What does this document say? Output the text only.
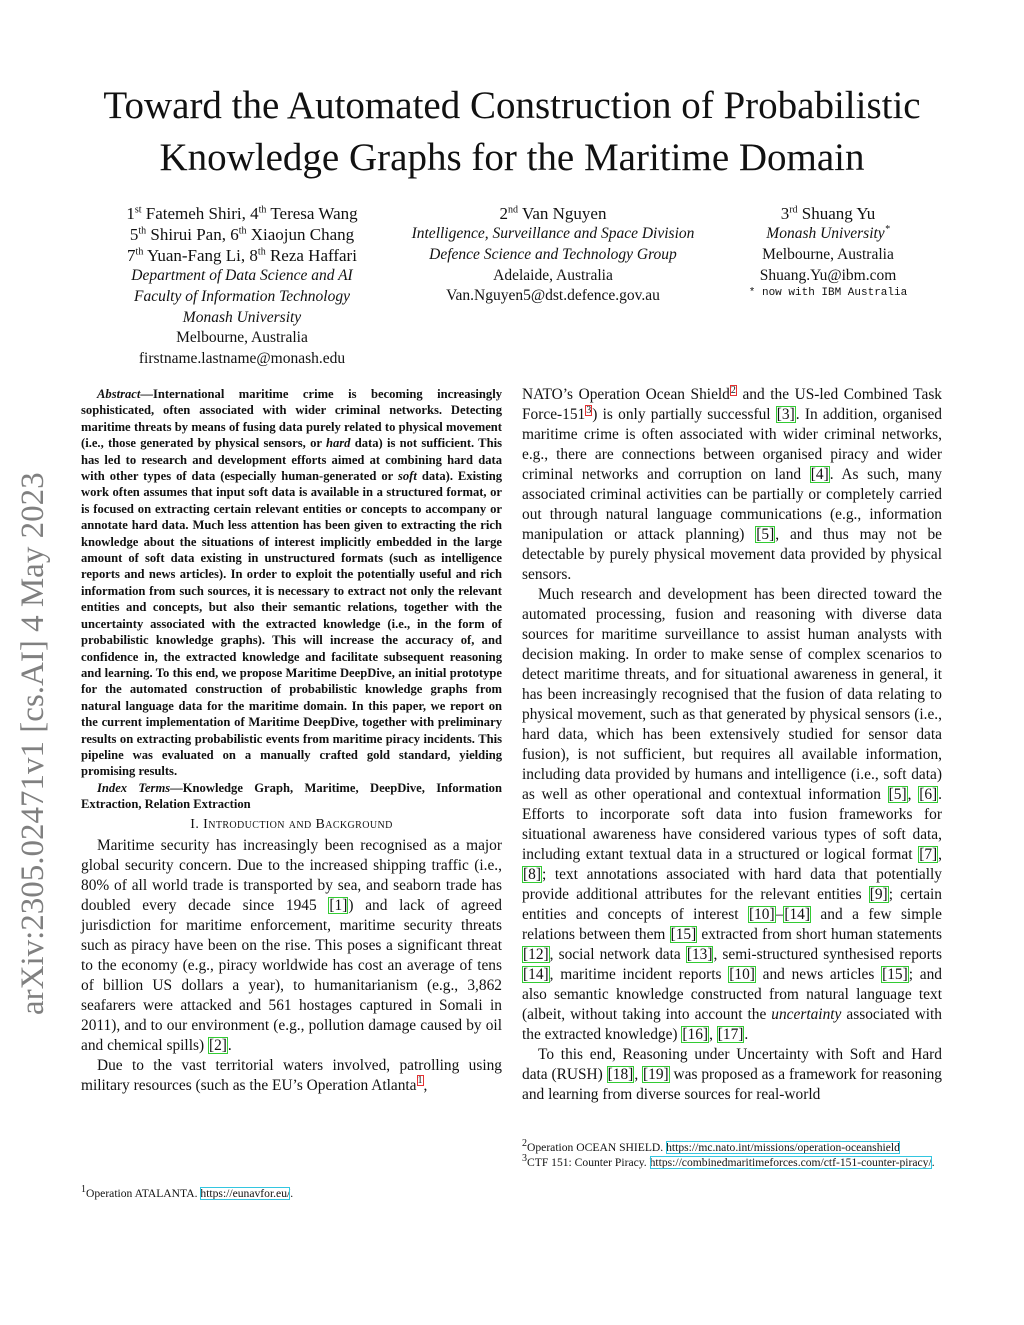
arXiv:2305.02471v1 [cs.AI] 4 May 2023
Toward the Automated Construction of Probabilistic
Knowledge Graphs for the Maritime Domain
1st Fatemeh Shiri, 4th Teresa Wang
5th Shirui Pan, 6th Xiaojun Chang
7th Yuan-Fang Li, 8th Reza Haffari
Department of Data Science and AI
Faculty of Information Technology
Monash University
Melbourne, Australia
firstname.lastname@monash.edu
2nd Van Nguyen
Intelligence, Surveillance and Space Division
Defence Science and Technology Group
Adelaide, Australia
Van.Nguyen5@dst.defence.gov.au
3rd Shuang Yu
Monash University*
Melbourne, Australia
Shuang.Yu@ibm.com
* now with IBM Australia

Abstract—International maritime crime is becoming increasingly sophisticated, often associated with wider criminal networks. Detecting maritime threats by means of fusing data purely related to physical movement (i.e., those generated by physical sensors, or hard data) is not sufficient. This has led to research and development efforts aimed at combining hard data with other types of data (especially human-generated or soft data). Existing work often assumes that input soft data is available in a structured format, or is focused on extracting certain relevant entities or concepts to accompany or annotate hard data. Much less attention has been given to extracting the rich knowledge about the situations of interest implicitly embedded in the large amount of soft data existing in unstructured formats (such as intelligence reports and news articles). In order to exploit the potentially useful and rich information from such sources, it is necessary to extract not only the relevant entities and concepts, but also their semantic relations, together with the uncertainty associated with the extracted knowledge (i.e., in the form of probabilistic knowledge graphs). This will increase the accuracy of, and confidence in, the extracted knowledge and facilitate subsequent reasoning and learning. To this end, we propose Maritime DeepDive, an initial prototype for the automated construction of probabilistic knowledge graphs from natural language data for the maritime domain. In this paper, we report on the current implementation of Maritime DeepDive, together with preliminary results on extracting probabilistic events from maritime piracy incidents. This pipeline was evaluated on a manually crafted gold standard, yielding promising results.

Index Terms—Knowledge Graph, Maritime, DeepDive, Information Extraction, Relation Extraction

I. Introduction and Background

Maritime security has increasingly been recognised as a major global security concern. Due to the increased shipping traffic (i.e., 80% of all world trade is transported by sea, and seaborn trade has doubled every decade since 1945 [1]) and lack of agreed jurisdiction for maritime enforcement, maritime security threats such as piracy have been on the rise. This poses a significant threat to the economy (e.g., piracy worldwide has cost an average of tens of billion US dollars a year), to humanitarianism (e.g., 3,862 seafarers were attacked and 561 hostages captured in Somali in 2011), and to our environment (e.g., pollution damage caused by oil and chemical spills) [2].

Due to the vast territorial waters involved, patrolling using military resources (such as the EU’s Operation Atlanta$^1$,

$^1$Operation ATALANTA. https://eunavfor.eu/.

NATO’s Operation Ocean Shield$^2$ and the US-led Combined Task Force-151$^3$) is only partially successful [3]. In addition, organised maritime crime is often associated with wider criminal networks, e.g., there are connections between organised piracy and wider criminal networks and corruption on land [4]. As such, many associated criminal activities can be partially or completely carried out through natural language communications (e.g., information manipulation or attack planning) [5], and thus may not be detectable by purely physical movement data provided by physical sensors.

Much research and development has been directed toward the automated processing, fusion and reasoning with diverse data sources for maritime surveillance to assist human analysts with decision making. In order to make sense of complex scenarios to detect maritime threats, and for situational awareness in general, it has been increasingly recognised that the fusion of data relating to physical movement, such as that generated by physical sensors (i.e., hard data, which has been extensively studied for sensor data fusion), is not sufficient, but requires all available information, including data provided by humans and intelligence (i.e., soft data) as well as other operational and contextual information [5], [6]. Efforts to incorporate soft data into fusion frameworks for situational awareness have considered various types of soft data, including extant textual data in a structured or logical format [7], [8]; text annotations associated with hard data that potentially provide additional attributes for the relevant entities [9]; certain entities and concepts of interest [10]–[14] and a few simple relations between them [15] extracted from short human statements [12], social network data [13], semi-structured synthesised reports [14], maritime incident reports [10] and news articles [15]; and also semantic knowledge constructed from natural language text (albeit, without taking into account the uncertainty associated with the extracted knowledge) [16], [17].

To this end, Reasoning under Uncertainty with Soft and Hard data (RUSH) [18], [19] was proposed as a framework for reasoning and learning from diverse sources for real-world

$^2$Operation OCEAN SHIELD. https://mc.nato.int/missions/operation-oceanshield

$^3$CTF 151: Counter Piracy. https://combinedmaritimeforces.com/ctf-151-counter-piracy/.
